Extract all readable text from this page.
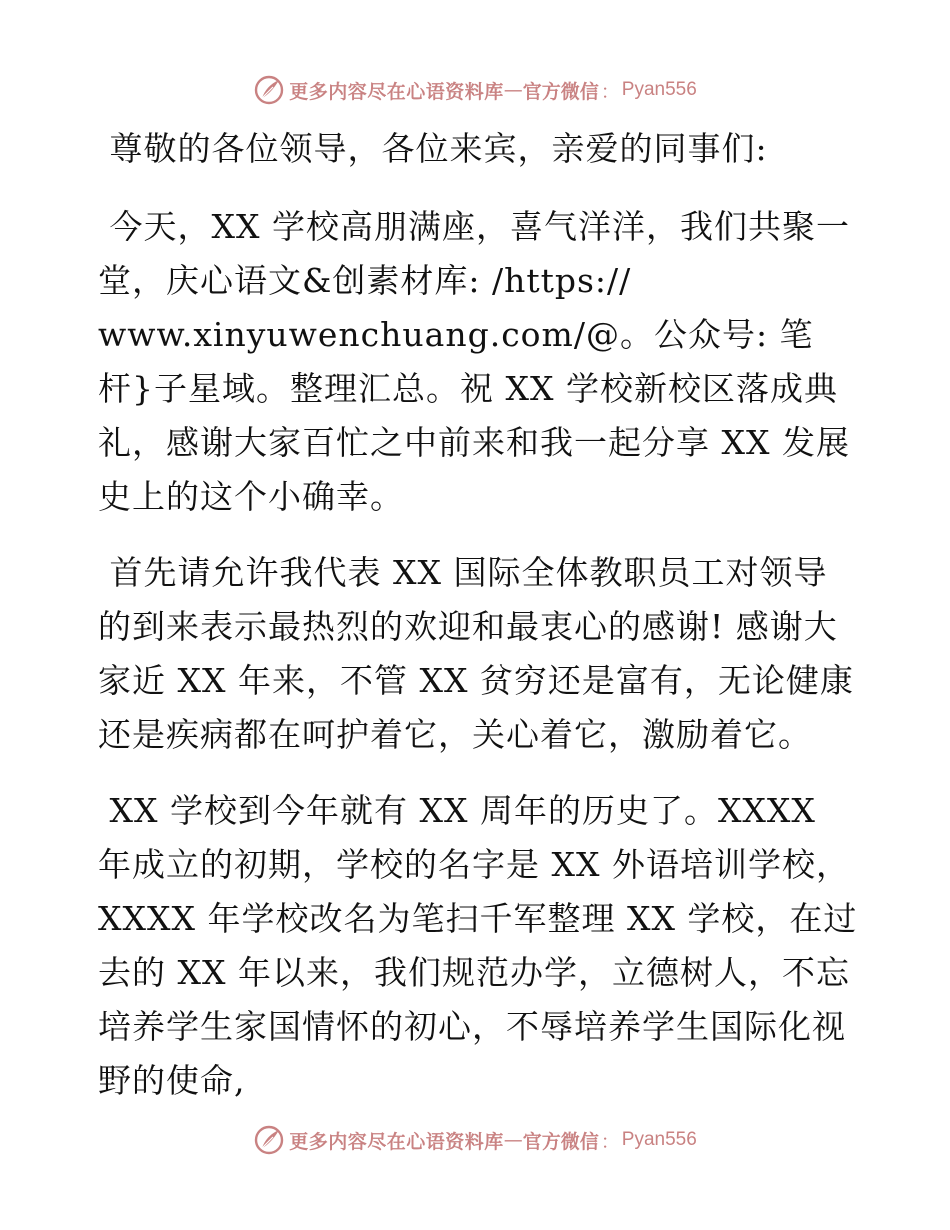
更多内容尽在心语资料库 — 官方微信 ： Pyan556

尊敬的各位领导，各位来宾，亲爱的同事们:

今天，XX 学校高朋满座，喜气洋洋，我们共聚一堂，庆心语文&创素材库: /https://
www.xinyuwenchuang.com/@。公众号: 笔杆}子星域。整理汇总。祝 XX 学校新校区落成典礼，感谢大家百忙之中前来和我一起分享 XX 发展史上的这个小确幸。

首先请允许我代表 XX 国际全体教职员工对领导的到来表示最热烈的欢迎和最衷心的感谢! 感谢大家近 XX 年来，不管 XX 贫穷还是富有，无论健康还是疾病都在呵护着它，关心着它，激励着它。

XX 学校到今年就有 XX 周年的历史了。XXXX 年成立的初期，学校的名字是 XX 外语培训学校，XXXX 年学校改名为笔扫千军整理 XX 学校，在过去的 XX 年以来，我们规范办学，立德树人，不忘培养学生家国情怀的初心，不辱培养学生国际化视野的使命,

更多内容尽在心语资料库 — 官方微信 ： Pyan556
